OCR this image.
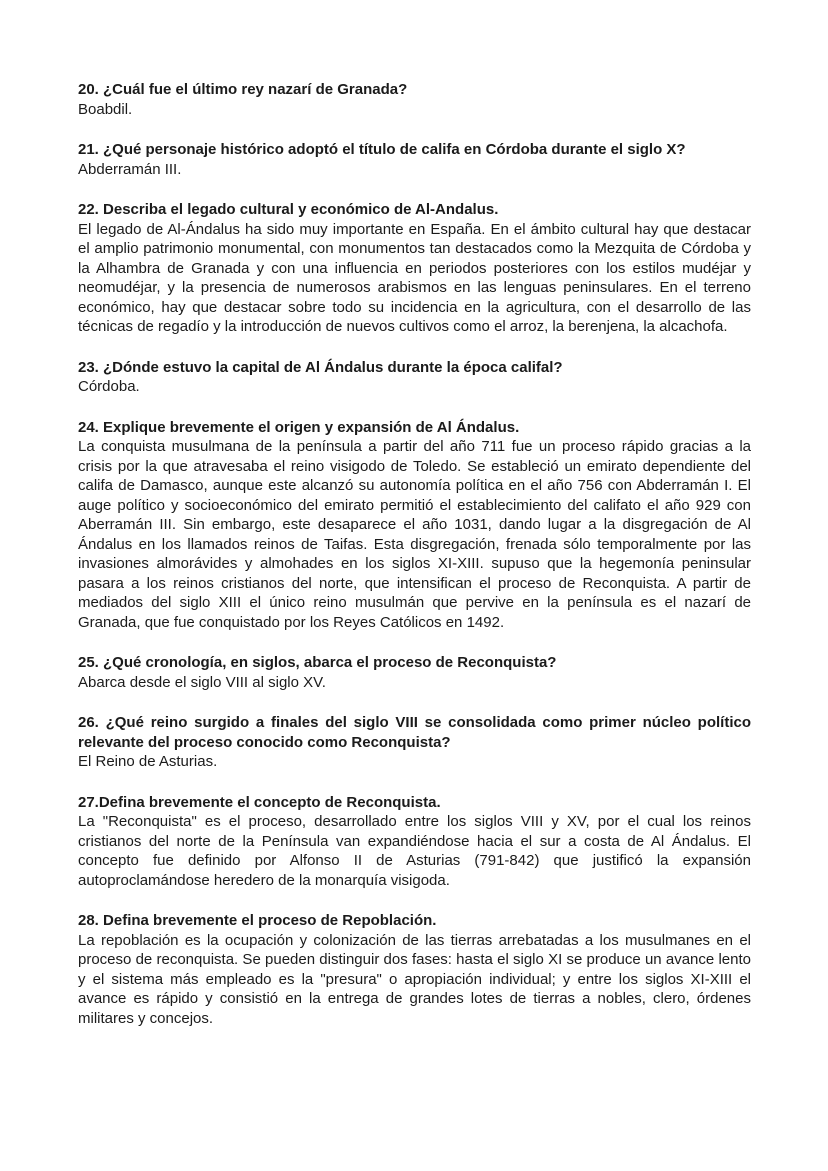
20. ¿Cuál fue el último rey nazarí de Granada?

Boabdil.

21. ¿Qué personaje histórico adoptó el título de califa en Córdoba durante el siglo X?

Abderramán III.

22. Describa el legado cultural y económico de Al-Andalus.

El legado de Al-Ándalus ha sido muy importante en España. En el ámbito cultural hay que destacar el amplio patrimonio monumental, con monumentos tan destacados como la Mezquita de Córdoba y la Alhambra de Granada y con una influencia en periodos posteriores con los estilos mudéjar y neomudéjar, y la presencia de numerosos arabismos en las lenguas peninsulares. En el terreno económico, hay que destacar sobre todo su incidencia en la agricultura, con el desarrollo de las técnicas de regadío y la introducción de nuevos cultivos como el arroz, la berenjena, la alcachofa.

23. ¿Dónde estuvo la capital de Al Ándalus durante la época califal?

Córdoba.

24. Explique brevemente el origen y expansión de Al Ándalus.

La conquista musulmana de la península a partir del año 711 fue un proceso rápido gracias a la crisis por la que atravesaba el reino visigodo de Toledo. Se estableció un emirato dependiente del califa de Damasco, aunque este alcanzó su autonomía política en el año 756 con Abderramán I. El auge político y socioeconómico del emirato permitió el establecimiento del califato el año 929 con Aberramán III. Sin embargo, este desaparece el año 1031, dando lugar a la disgregación de Al Ándalus en los llamados reinos de Taifas. Esta disgregación, frenada sólo temporalmente por las invasiones almorávides y almohades en los siglos XI-XIII. supuso que la hegemonía peninsular pasara a los reinos cristianos del norte, que intensifican el proceso de Reconquista. A partir de mediados del siglo XIII el único reino musulmán que pervive en la península es el nazarí de Granada, que fue conquistado por los Reyes Católicos en 1492.

25. ¿Qué cronología, en siglos, abarca el proceso de Reconquista?

Abarca desde el siglo VIII al siglo XV.

26. ¿Qué reino surgido a finales del siglo VIII se consolidada como primer núcleo político relevante del proceso conocido como Reconquista?

El Reino de Asturias.

27.Defina brevemente el concepto de Reconquista.

La "Reconquista" es el proceso, desarrollado entre los siglos VIII y XV, por el cual los reinos cristianos del norte de la Península van expandiéndose hacia el sur a costa de Al Ándalus. El concepto fue definido por Alfonso II de Asturias (791-842) que justificó la expansión autoproclamándose heredero de la monarquía visigoda.

28. Defina brevemente el proceso de Repoblación.

La repoblación es la ocupación y colonización de las tierras arrebatadas a los musulmanes en el proceso de reconquista. Se pueden distinguir dos fases: hasta el siglo XI se produce un avance lento y el sistema más empleado es la "presura" o apropiación individual; y entre los siglos XI-XIII el avance es rápido y consistió en la entrega de grandes lotes de tierras a nobles, clero, órdenes militares y concejos.
